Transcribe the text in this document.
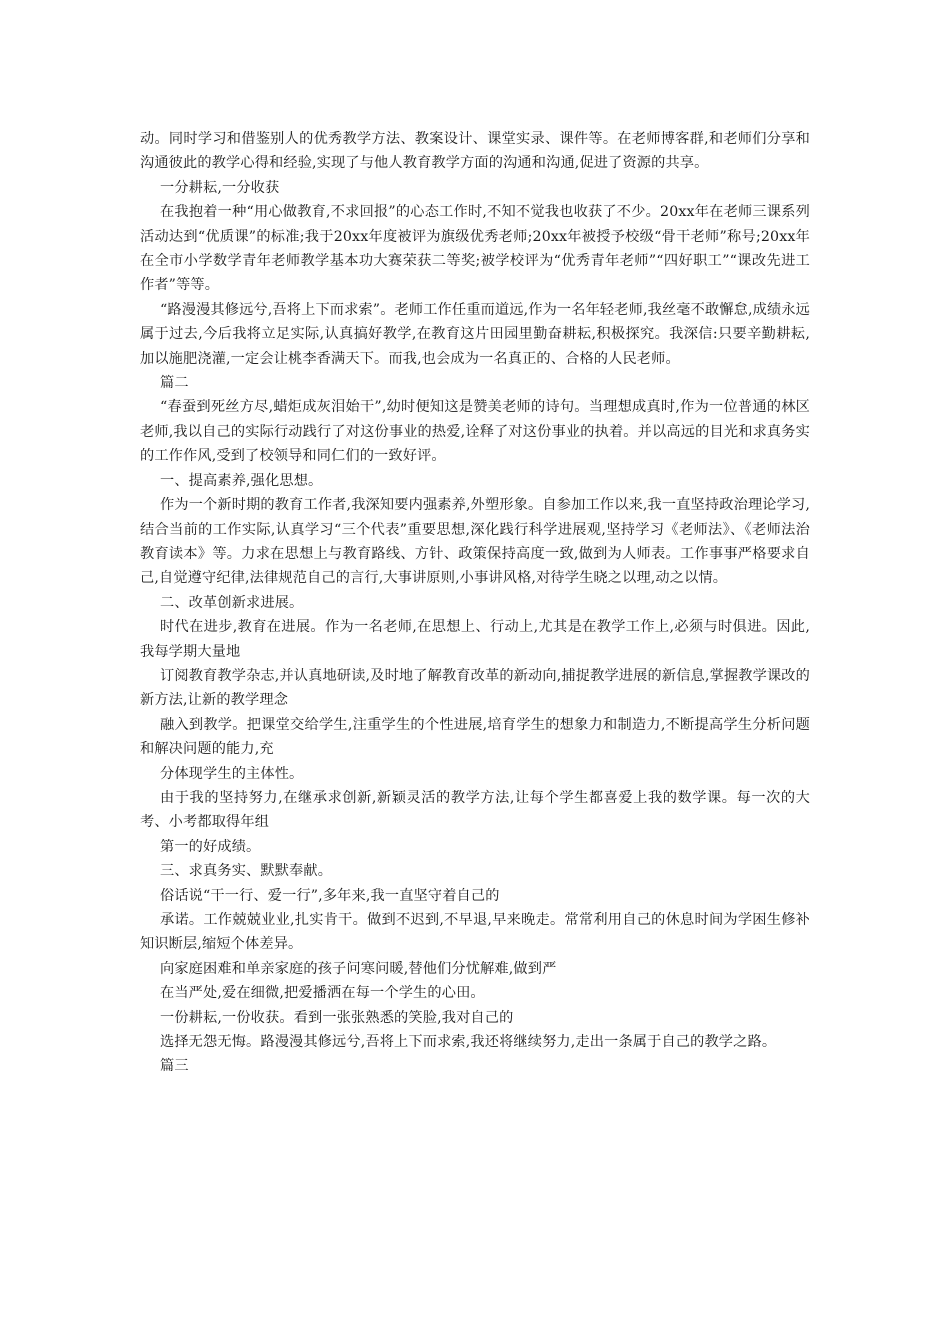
动。同时学习和借鉴别人的优秀教学方法、教案设计、课堂实录、课件等。在老师博客群,和老师们分享和沟通彼此的教学心得和经验,实现了与他人教育教学方面的沟通和沟通,促进了资源的共享。

一分耕耘,一分收获

在我抱着一种“用心做教育,不求回报”的心态工作时,不知不觉我也收获了不少。20xx年在老师三课系列活动达到“优质课”的标准;我于20xx年度被评为旗级优秀老师;20xx年被授予校级“骨干老师”称号;20xx年在全市小学数学青年老师教学基本功大赛荣获二等奖;被学校评为“优秀青年老师”“四好职工”“课改先进工作者”等等。

“路漫漫其修远兮,吾将上下而求索”。老师工作任重而道远,作为一名年轻老师,我丝毫不敢懈怠,成绩永远属于过去,今后我将立足实际,认真搞好教学,在教育这片田园里勤奋耕耘,积极探究。我深信:只要辛勤耕耘,加以施肥浇灌,一定会让桃李香满天下。而我,也会成为一名真正的、合格的人民老师。

篇二

“春蚕到死丝方尽,蜡炬成灰泪始干”,幼时便知这是赞美老师的诗句。当理想成真时,作为一位普通的林区老师,我以自己的实际行动践行了对这份事业的热爱,诠释了对这份事业的执着。并以高远的目光和求真务实的工作作风,受到了校领导和同仁们的一致好评。

一、提高素养,强化思想。

作为一个新时期的教育工作者,我深知要内强素养,外塑形象。自参加工作以来,我一直坚持政治理论学习,结合当前的工作实际,认真学习“三个代表”重要思想,深化践行科学进展观,坚持学习《老师法》、《老师法治教育读本》等。力求在思想上与教育路线、方针、政策保持高度一致,做到为人师表。工作事事严格要求自己,自觉遵守纪律,法律规范自己的言行,大事讲原则,小事讲风格,对待学生晓之以理,动之以情。

二、改革创新求进展。

时代在进步,教育在进展。作为一名老师,在思想上、行动上,尤其是在教学工作上,必须与时俱进。因此,我每学期大量地

订阅教育教学杂志,并认真地研读,及时地了解教育改革的新动向,捕捉教学进展的新信息,掌握教学课改的新方法,让新的教学理念

融入到教学。把课堂交给学生,注重学生的个性进展,培育学生的想象力和制造力,不断提高学生分析问题和解决问题的能力,充

分体现学生的主体性。

由于我的坚持努力,在继承求创新,新颖灵活的教学方法,让每个学生都喜爱上我的数学课。每一次的大考、小考都取得年组

第一的好成绩。

三、求真务实、默默奉献。

俗话说“干一行、爱一行”,多年来,我一直坚守着自己的

承诺。工作兢兢业业,扎实肯干。做到不迟到,不早退,早来晚走。常常利用自己的休息时间为学困生修补知识断层,缩短个体差异。

向家庭困难和单亲家庭的孩子问寒问暖,替他们分忧解难,做到严

在当严处,爱在细微,把爱播洒在每一个学生的心田。

一份耕耘,一份收获。看到一张张熟悉的笑脸,我对自己的

选择无怨无悔。路漫漫其修远兮,吾将上下而求索,我还将继续努力,走出一条属于自己的教学之路。

篇三
